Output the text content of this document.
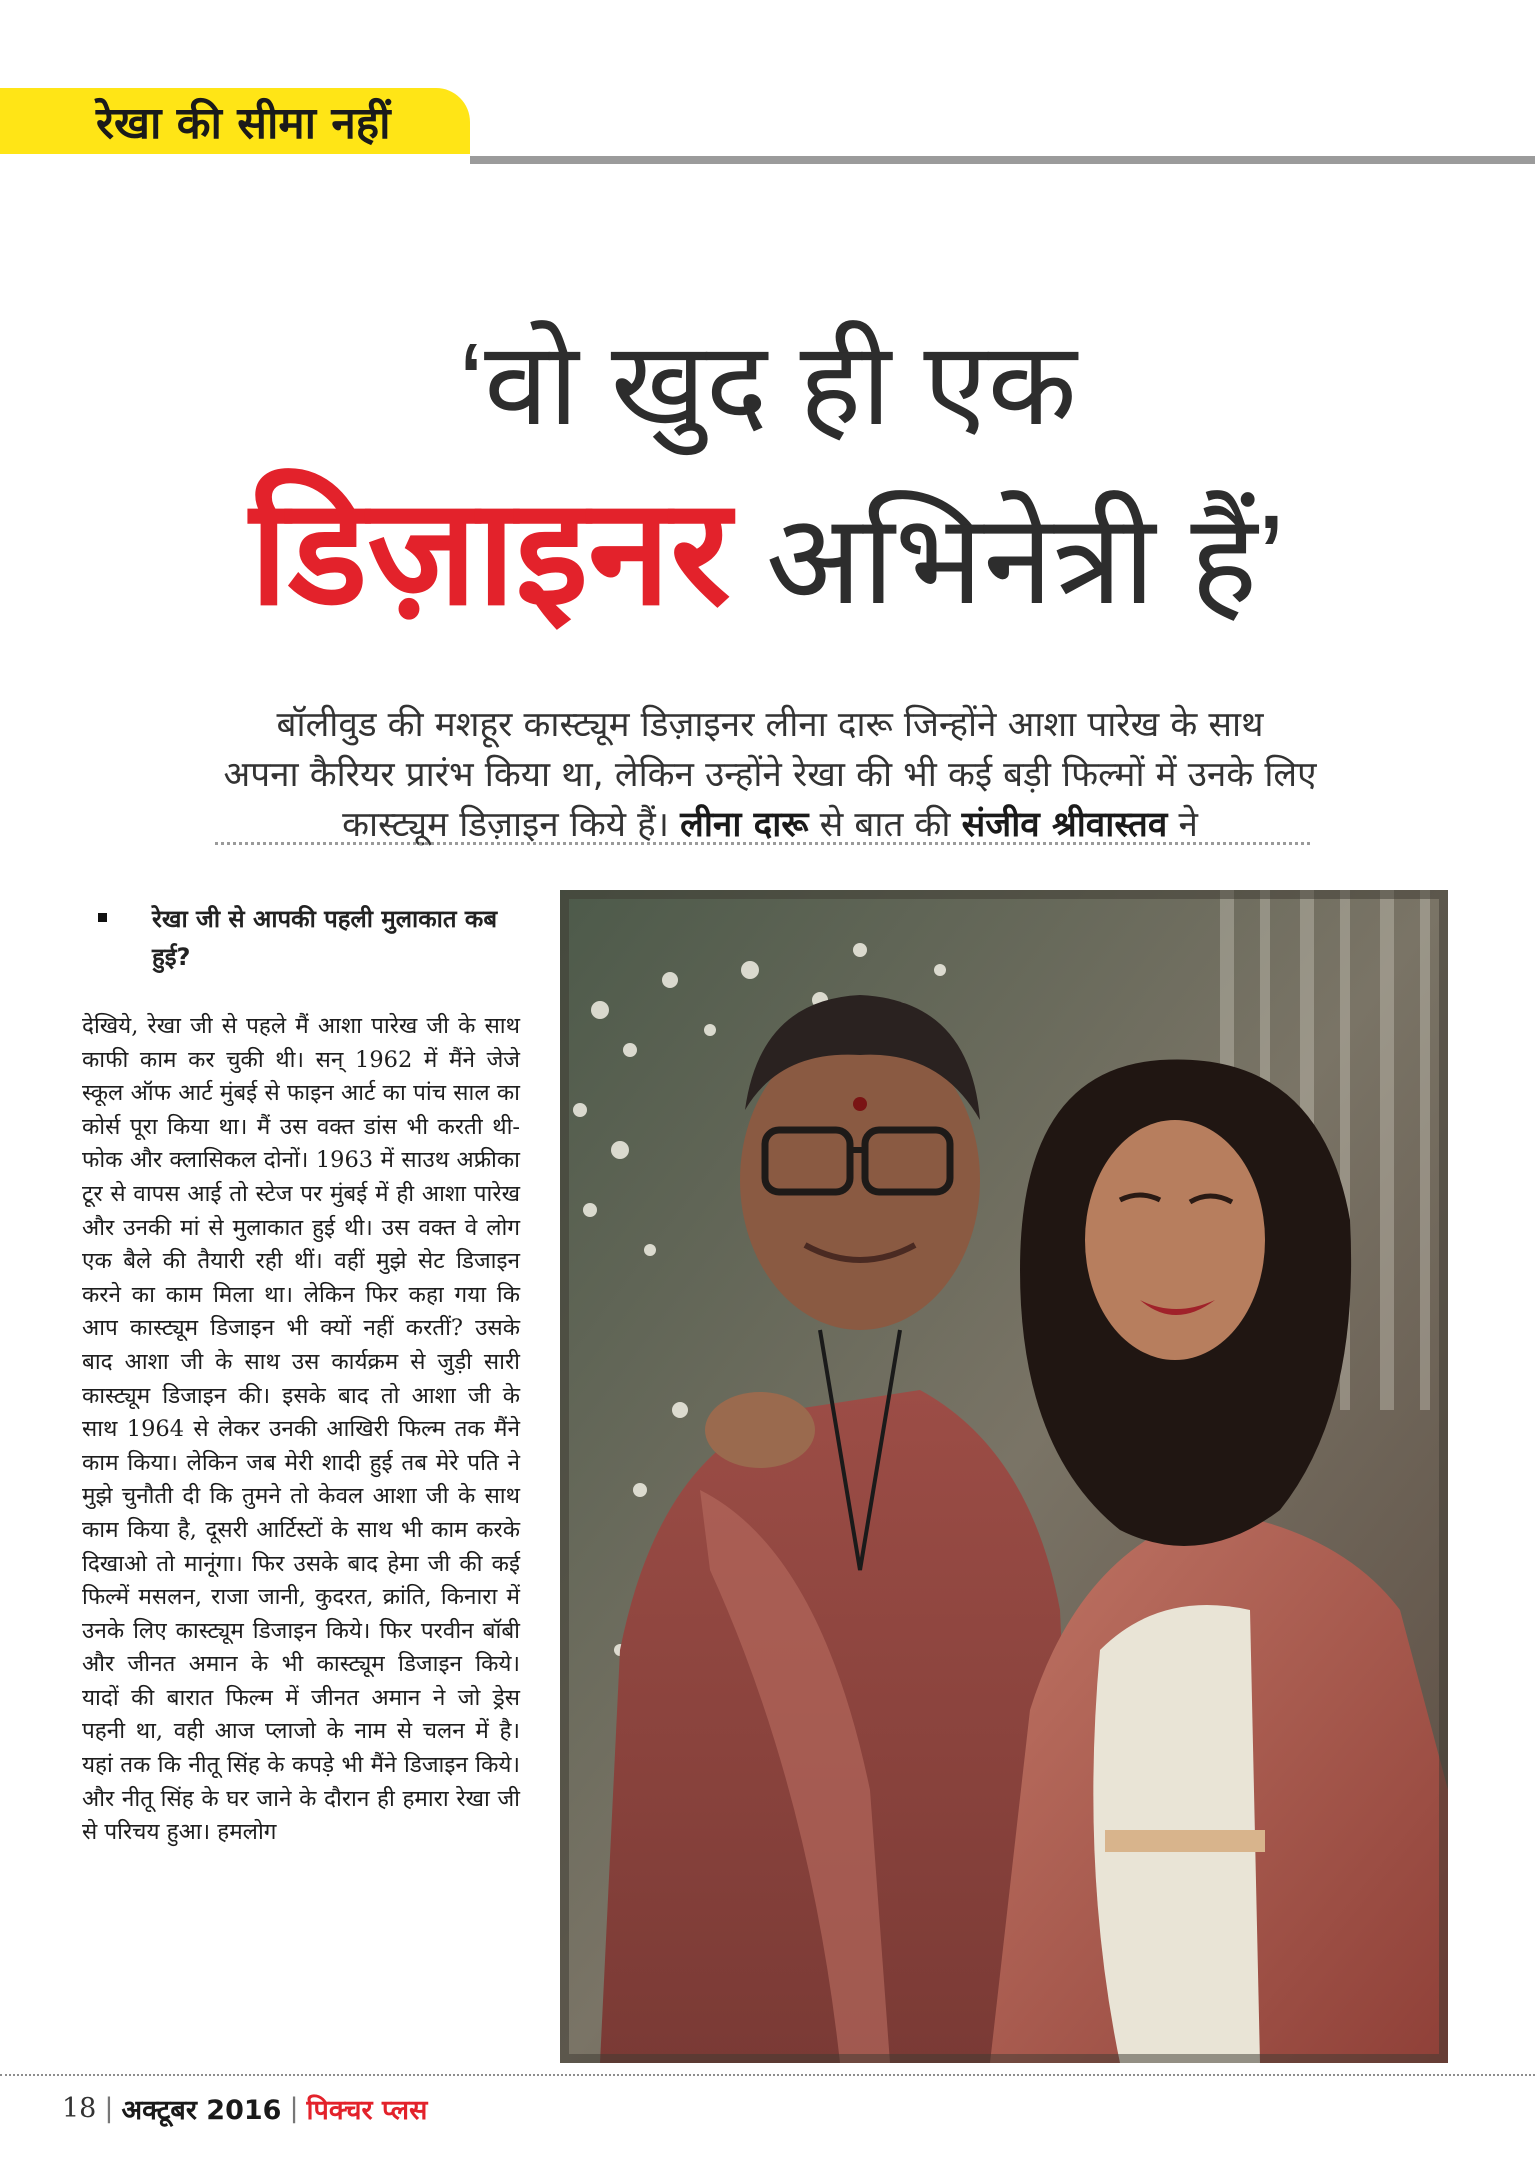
रेखा की सीमा नहीं
‘वो खुद ही एक
डिज़ाइनर अभिनेत्री हैं’
बॉलीवुड की मशहूर कास्ट्यूम डिज़ाइनर लीना दारू जिन्होंने आशा पारेख के साथ
अपना कैरियर प्रारंभ किया था, लेकिन उन्होंने रेखा की भी कई बड़ी फिल्मों में उनके लिए
कास्ट्यूम डिज़ाइन किये हैं। लीना दारू से बात की संजीव श्रीवास्तव ने
रेखा जी से आपकी पहली मुलाकात कब हुई?
देखिये, रेखा जी से पहले मैं आशा पारेख जी के साथ काफी काम कर चुकी थी। सन् 1962 में मैंने जेजे स्कूल ऑफ आर्ट मुंबई से फाइन आर्ट का पांच साल का कोर्स पूरा किया था। मैं उस वक्त डांस भी करती थी- फोक और क्लासिकल दोनों। 1963 में साउथ अफ्रीका टूर से वापस आई तो स्टेज पर मुंबई में ही आशा पारेख और उनकी मां से मुलाकात हुई थी। उस वक्त वे लोग एक बैले की तैयारी रही थीं। वहीं मुझे सेट डिजाइन करने का काम मिला था। लेकिन फिर कहा गया कि आप कास्ट्यूम डिजाइन भी क्यों नहीं करतीं? उसके बाद आशा जी के साथ उस कार्यक्रम से जुड़ी सारी कास्ट्यूम डिजाइन की। इसके बाद तो आशा जी के साथ 1964 से लेकर उनकी आखिरी फिल्म तक मैंने काम किया। लेकिन जब मेरी शादी हुई तब मेरे पति ने मुझे चुनौती दी कि तुमने तो केवल आशा जी के साथ काम किया है, दूसरी आर्टिस्टों के साथ भी काम करके दिखाओ तो मानूंगा। फिर उसके बाद हेमा जी की कई फिल्में मसलन, राजा जानी, कुदरत, क्रांति, किनारा में उनके लिए कास्ट्यूम डिजाइन किये। फिर परवीन बॉबी और जीनत अमान के भी कास्ट्यूम डिजाइन किये। यादों की बारात फिल्म में जीनत अमान ने जो ड्रेस पहनी था, वही आज प्लाजो के नाम से चलन में है। यहां तक कि नीतू सिंह के कपड़े भी मैंने डिजाइन किये। और नीतू सिंह के घर जाने के दौरान ही हमारा रेखा जी से परिचय हुआ। हमलोग
18 | अक्टूबर 2016 | पिक्चर प्लस
